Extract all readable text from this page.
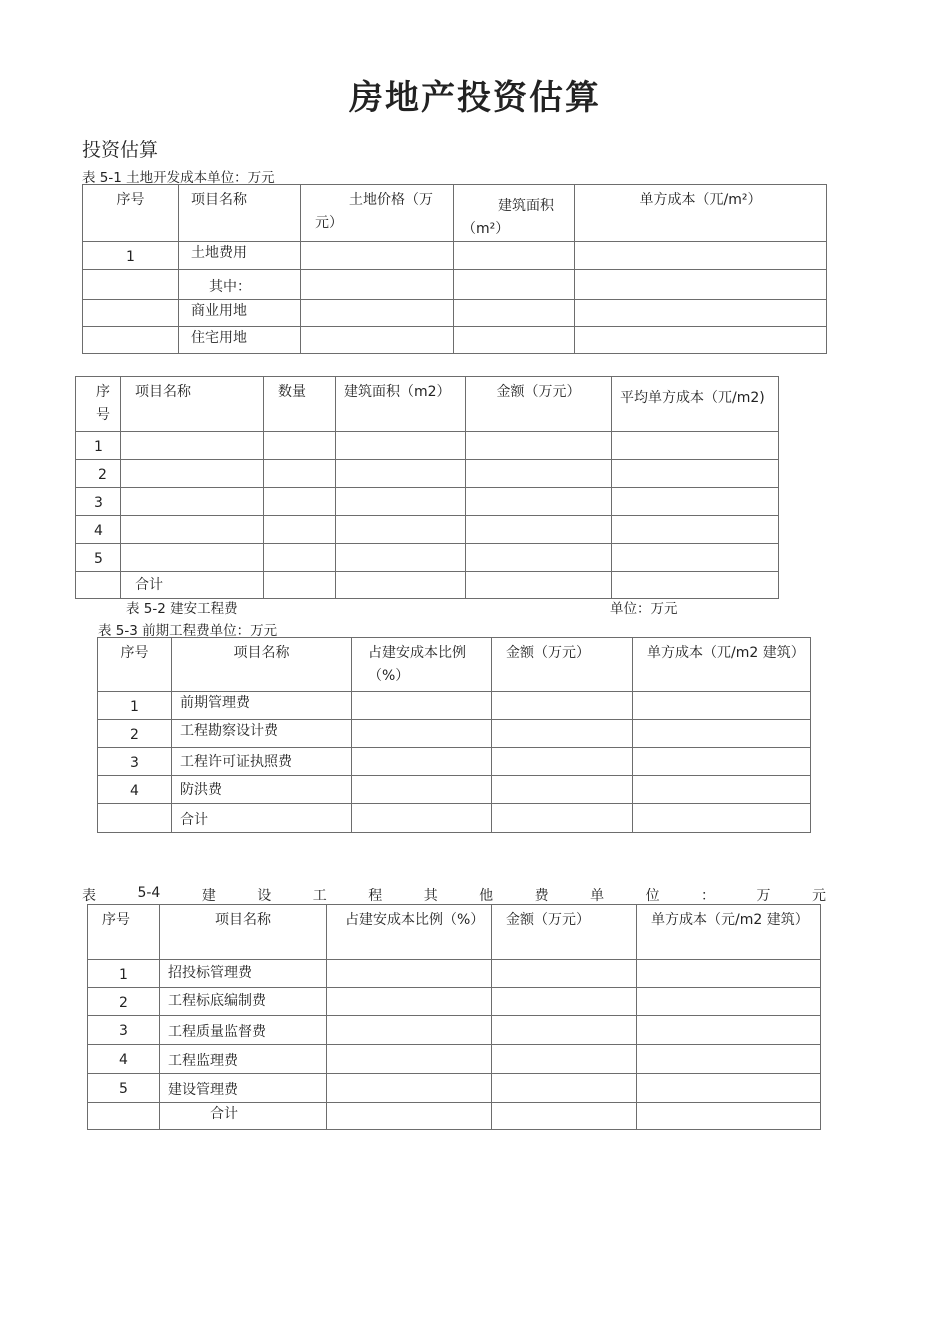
房地产投资估算
投资估算
表 5-1 土地开发成本单位：万元
序号	项目名称	土地价格（万元）	建筑面积（m²）	单方成本（兀/m²）
1	土地费用			
	其中：			
	商业用地			
	住宅用地			
序号	项目名称	数量	建筑面积（m2）	金额（万元）	平均单方成本（兀/m2)
1					
2					
3					
4					
5					
	合计				
表 5-2 建安工程费	单位：万元
表 5-3 前期工程费单位：万元
序号	项目名称	占建安成本比例（%）	金额（万元）	单方成本（兀/m2 建筑）
1	前期管理费			
2	工程勘察设计费			
3	工程许可证执照费			
4	防洪费			
	合计			
表	5-4	建	设	工	程	其	他	费	单	位	：	万	元
序号	项目名称	占建安成本比例（%）	金额（万元）	单方成本（元/m2 建筑）
1	招投标管理费			
2	工程标底编制费			
3	工程质量监督费			
4	工程监理费			
5	建设管理费			
	合计			
